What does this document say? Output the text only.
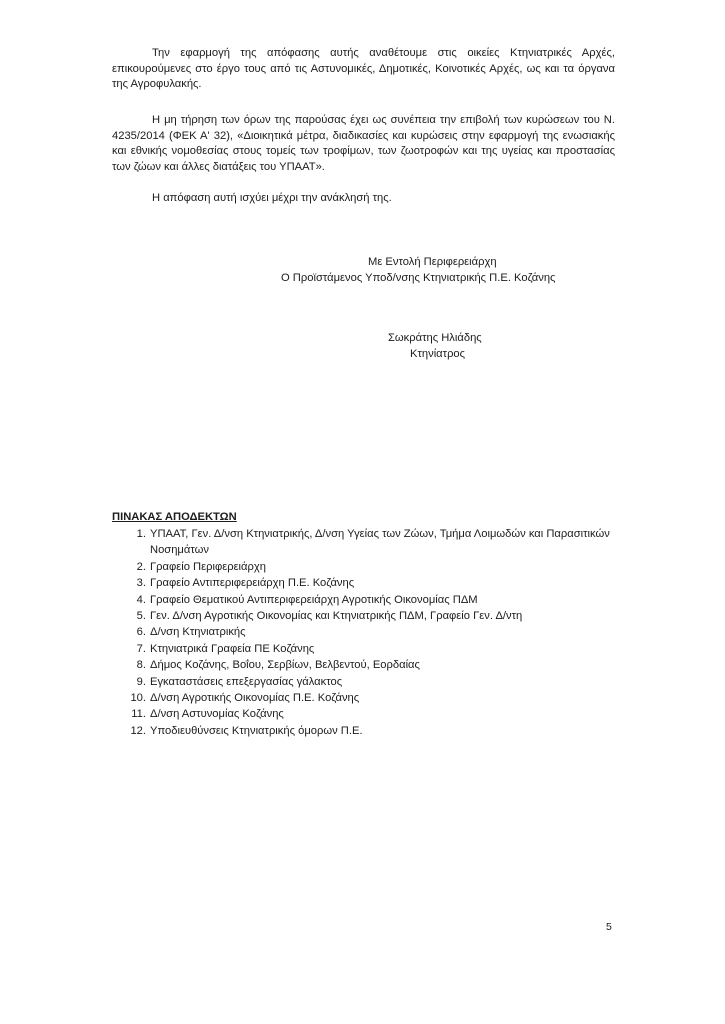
Την εφαρμογή της απόφασης αυτής αναθέτουμε στις οικείες Κτηνιατρικές Αρχές, επικουρούμενες στο έργο τους από τις Αστυνομικές, Δημοτικές, Κοινοτικές Αρχές, ως και τα όργανα της Αγροφυλακής.
Η μη τήρηση των όρων της παρούσας έχει ως συνέπεια την επιβολή των κυρώσεων του Ν. 4235/2014 (ΦΕΚ Α' 32), «Διοικητικά μέτρα, διαδικασίες και κυρώσεις στην εφαρμογή της ενωσιακής και εθνικής νομοθεσίας στους τομείς των τροφίμων, των ζωοτροφών και της υγείας και προστασίας των ζώων και άλλες διατάξεις του ΥΠΑΑΤ».
Η απόφαση αυτή ισχύει μέχρι την ανάκλησή της.
Με Εντολή Περιφερειάρχη
Ο Προϊστάμενος Υποδ/νσης Κτηνιατρικής Π.Ε. Κοζάνης
Σωκράτης Ηλιάδης
Κτηνίατρος
ΠΙΝΑΚΑΣ ΑΠΟΔΕΚΤΩΝ
1. ΥΠΑΑΤ, Γεν. Δ/νση Κτηνιατρικής, Δ/νση Υγείας των Ζώων, Τμήμα Λοιμωδών και Παρασιτικών Νοσημάτων
2. Γραφείο Περιφερειάρχη
3. Γραφείο Αντιπεριφερειάρχη Π.Ε. Κοζάνης
4. Γραφείο Θεματικού Αντιπεριφερειάρχη Αγροτικής Οικονομίας ΠΔΜ
5. Γεν. Δ/νση Αγροτικής Οικονομίας και Κτηνιατρικής ΠΔΜ, Γραφείο Γεν. Δ/ντη
6. Δ/νση Κτηνιατρικής
7. Κτηνιατρικά Γραφεία ΠΕ Κοζάνης
8. Δήμος Κοζάνης, Βοΐου, Σερβίων, Βελβεντού, Εορδαίας
9. Εγκαταστάσεις επεξεργασίας γάλακτος
10. Δ/νση Αγροτικής Οικονομίας Π.Ε. Κοζάνης
11. Δ/νση Αστυνομίας Κοζάνης
12. Υποδιευθύνσεις Κτηνιατρικής όμορων Π.Ε.
5
